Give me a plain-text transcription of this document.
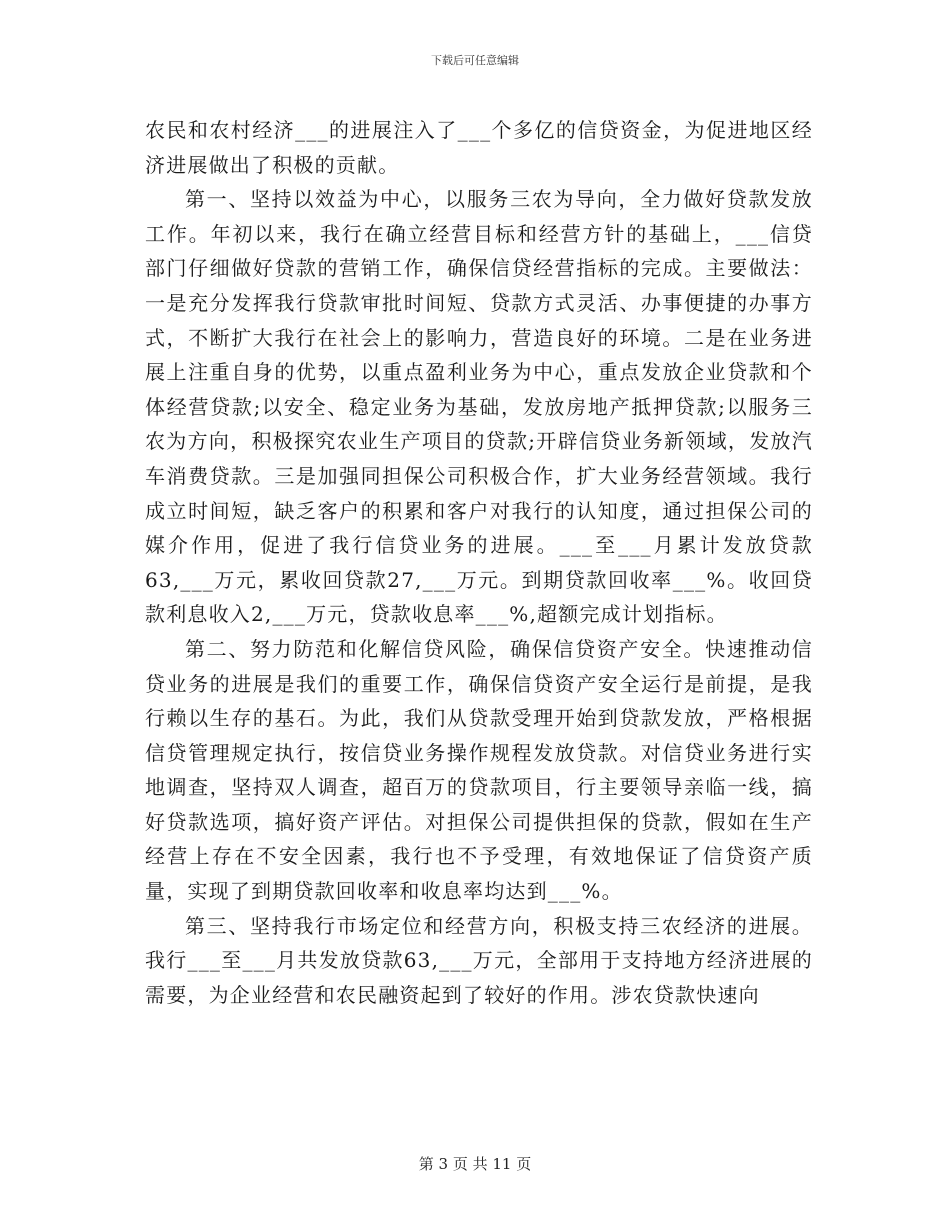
下载后可任意编辑

农民和农村经济___的进展注入了___个多亿的信贷资金，为促进地区经济进展做出了积极的贡献。

第一、坚持以效益为中心，以服务三农为导向，全力做好贷款发放工作。年初以来，我行在确立经营目标和经营方针的基础上，___信贷部门仔细做好贷款的营销工作，确保信贷经营指标的完成。主要做法：一是充分发挥我行贷款审批时间短、贷款方式灵活、办事便捷的办事方式，不断扩大我行在社会上的影响力，营造良好的环境。二是在业务进展上注重自身的优势，以重点盈利业务为中心，重点发放企业贷款和个体经营贷款;以安全、稳定业务为基础，发放房地产抵押贷款;以服务三农为方向，积极探究农业生产项目的贷款;开辟信贷业务新领域，发放汽车消费贷款。三是加强同担保公司积极合作，扩大业务经营领域。我行成立时间短，缺乏客户的积累和客户对我行的认知度，通过担保公司的媒介作用，促进了我行信贷业务的进展。___至___月累计发放贷款63,___万元，累收回贷款27,___万元。到期贷款回收率___%。收回贷款利息收入2,___万元，贷款收息率___%,超额完成计划指标。

第二、努力防范和化解信贷风险，确保信贷资产安全。快速推动信贷业务的进展是我们的重要工作，确保信贷资产安全运行是前提，是我行赖以生存的基石。为此，我们从贷款受理开始到贷款发放，严格根据信贷管理规定执行，按信贷业务操作规程发放贷款。对信贷业务进行实地调查，坚持双人调查，超百万的贷款项目，行主要领导亲临一线，搞好贷款选项，搞好资产评估。对担保公司提供担保的贷款，假如在生产经营上存在不安全因素，我行也不予受理，有效地保证了信贷资产质量，实现了到期贷款回收率和收息率均达到___%。

第三、坚持我行市场定位和经营方向，积极支持三农经济的进展。我行___至___月共发放贷款63,___万元，全部用于支持地方经济进展的需要，为企业经营和农民融资起到了较好的作用。涉农贷款快速向

第 3 页 共 11 页
